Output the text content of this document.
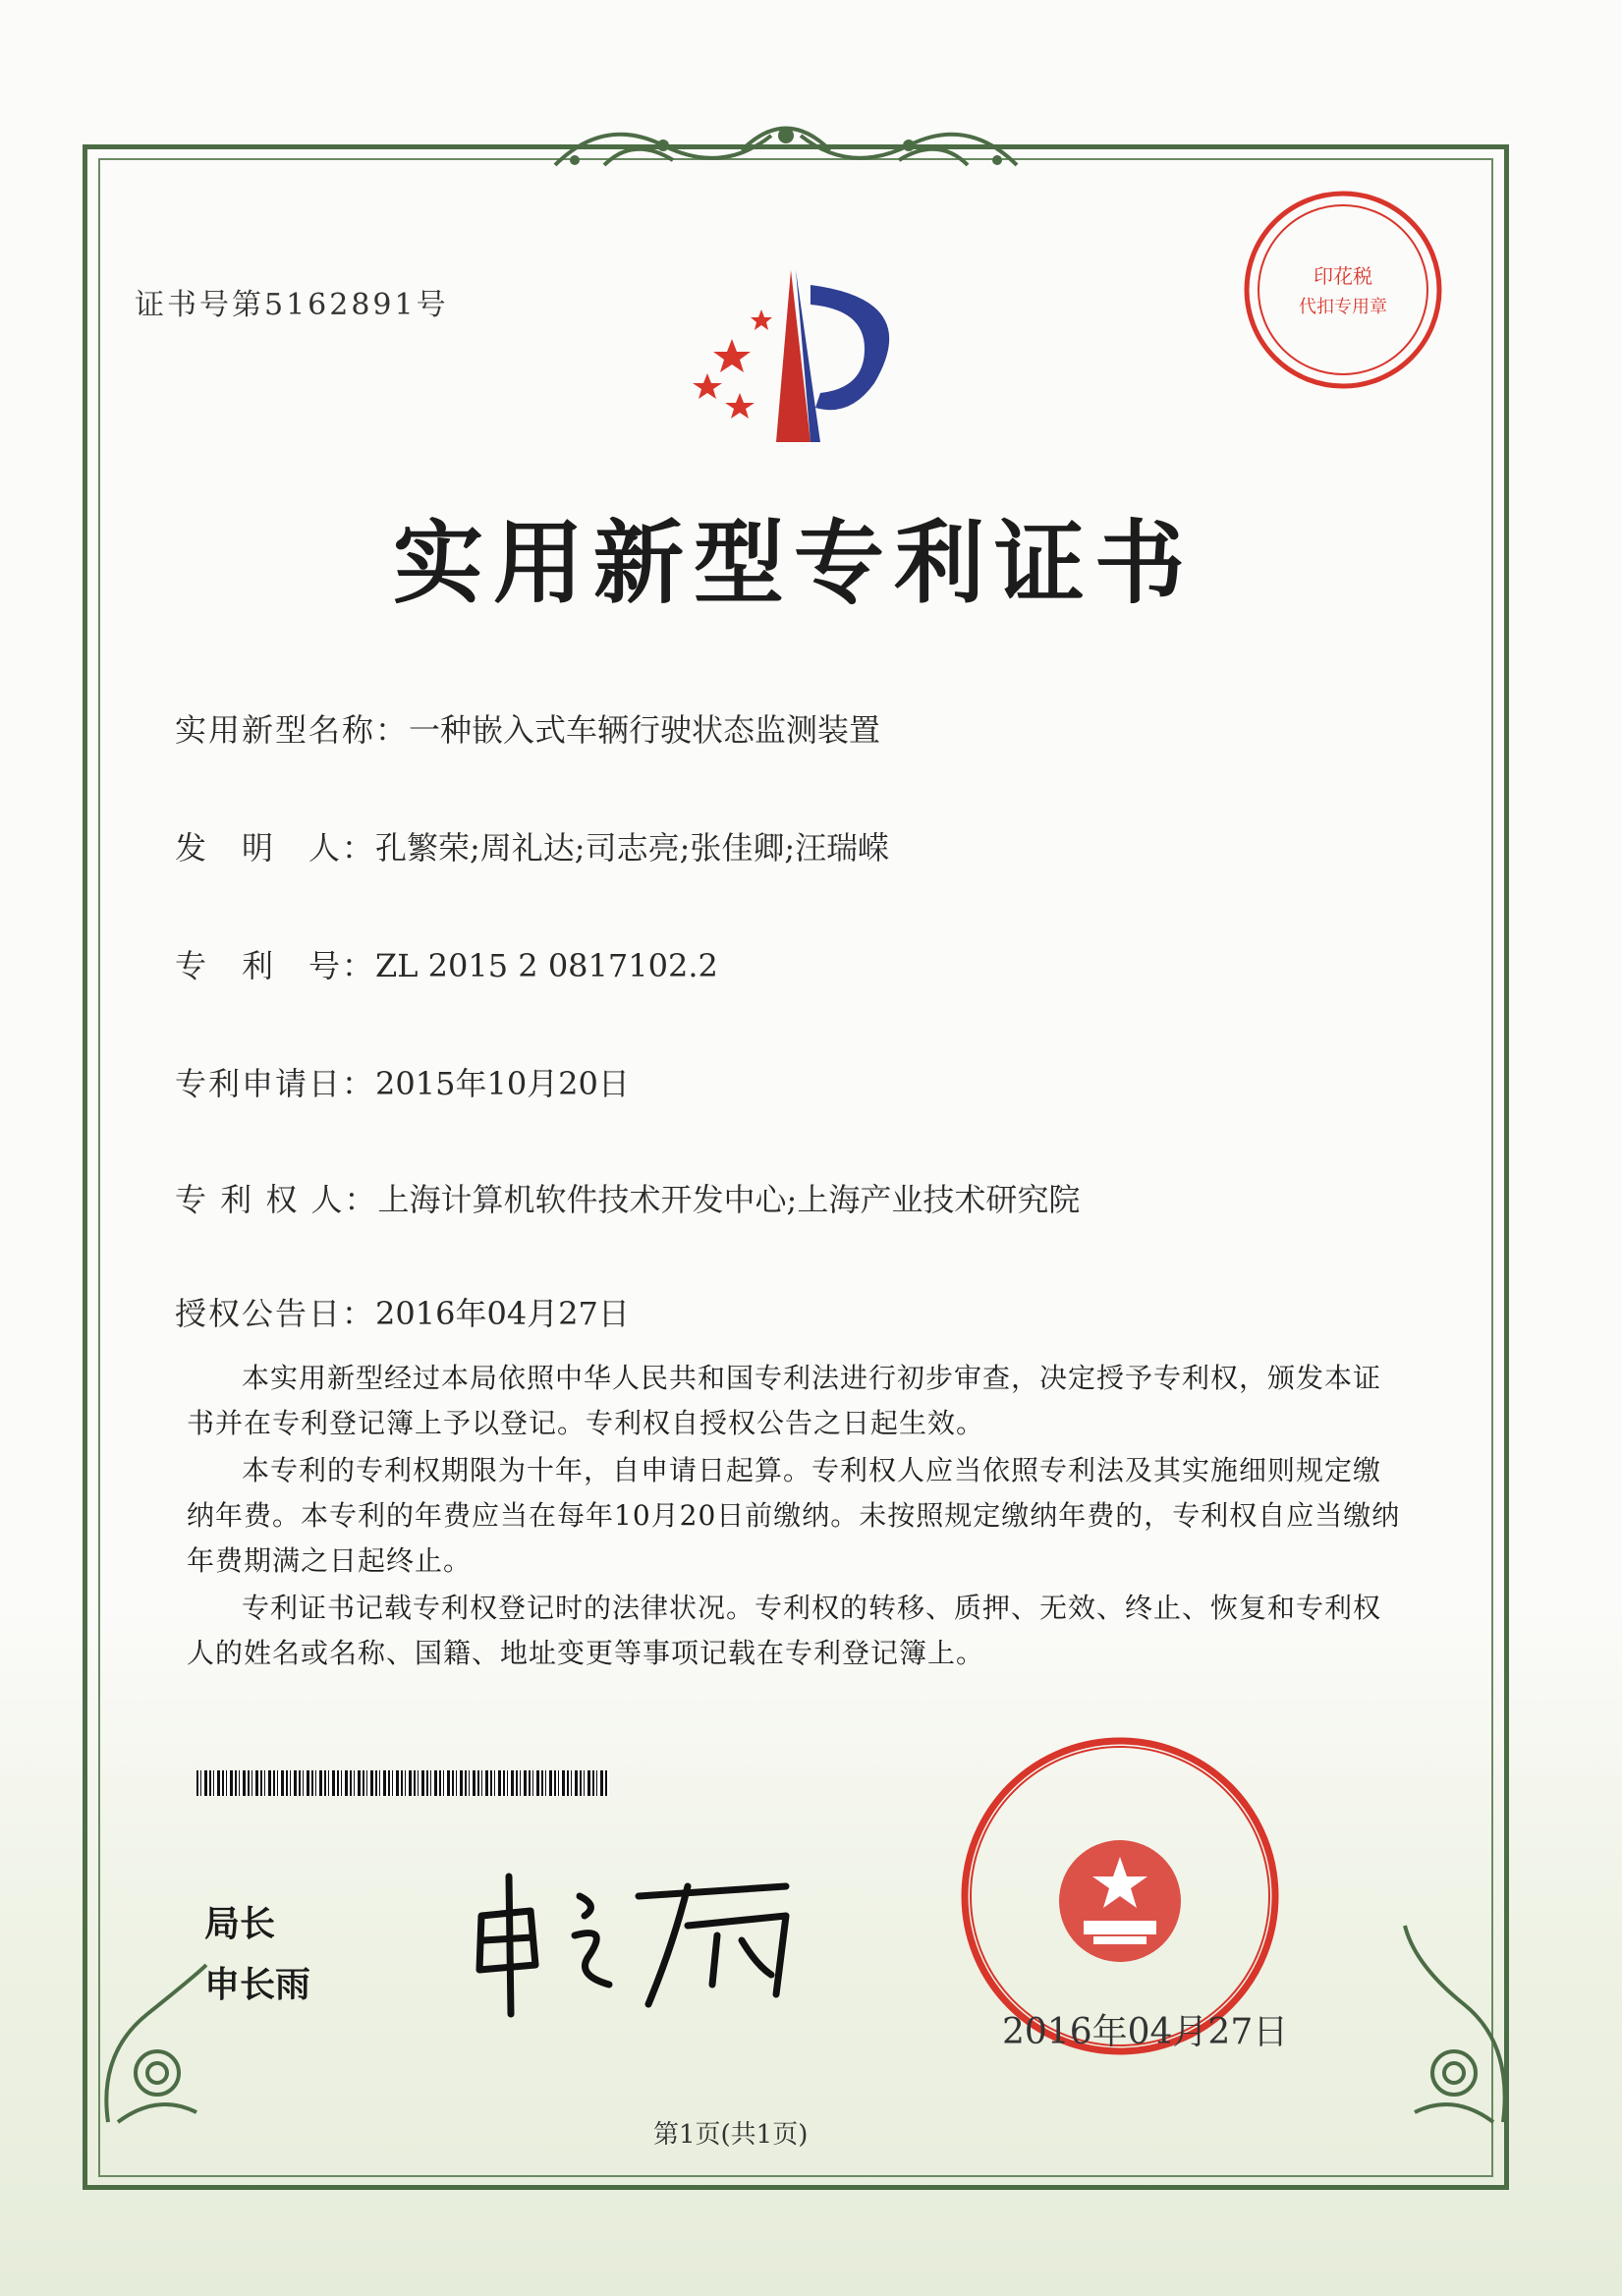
证书号第5162891号
印花税
代扣专用章
实用新型专利证书
实用新型名称：一种嵌入式车辆行驶状态监测装置
发　明　人：孔繁荣;周礼达;司志亮;张佳卿;汪瑞嵘
专　利　号：ZL 2015 2 0817102.2
专利申请日：2015年10月20日
专 利 权 人：上海计算机软件技术开发中心;上海产业技术研究院
授权公告日：2016年04月27日

本实用新型经过本局依照中华人民共和国专利法进行初步审查，决定授予专利权，颁发本证书并在专利登记簿上予以登记。专利权自授权公告之日起生效。

本专利的专利权期限为十年，自申请日起算。专利权人应当依照专利法及其实施细则规定缴纳年费。本专利的年费应当在每年10月20日前缴纳。未按照规定缴纳年费的，专利权自应当缴纳年费期满之日起终止。

专利证书记载专利权登记时的法律状况。专利权的转移、质押、无效、终止、恢复和专利权人的姓名或名称、国籍、地址变更等事项记载在专利登记簿上。

局长
申长雨
2016年04月27日
第1页(共1页)
